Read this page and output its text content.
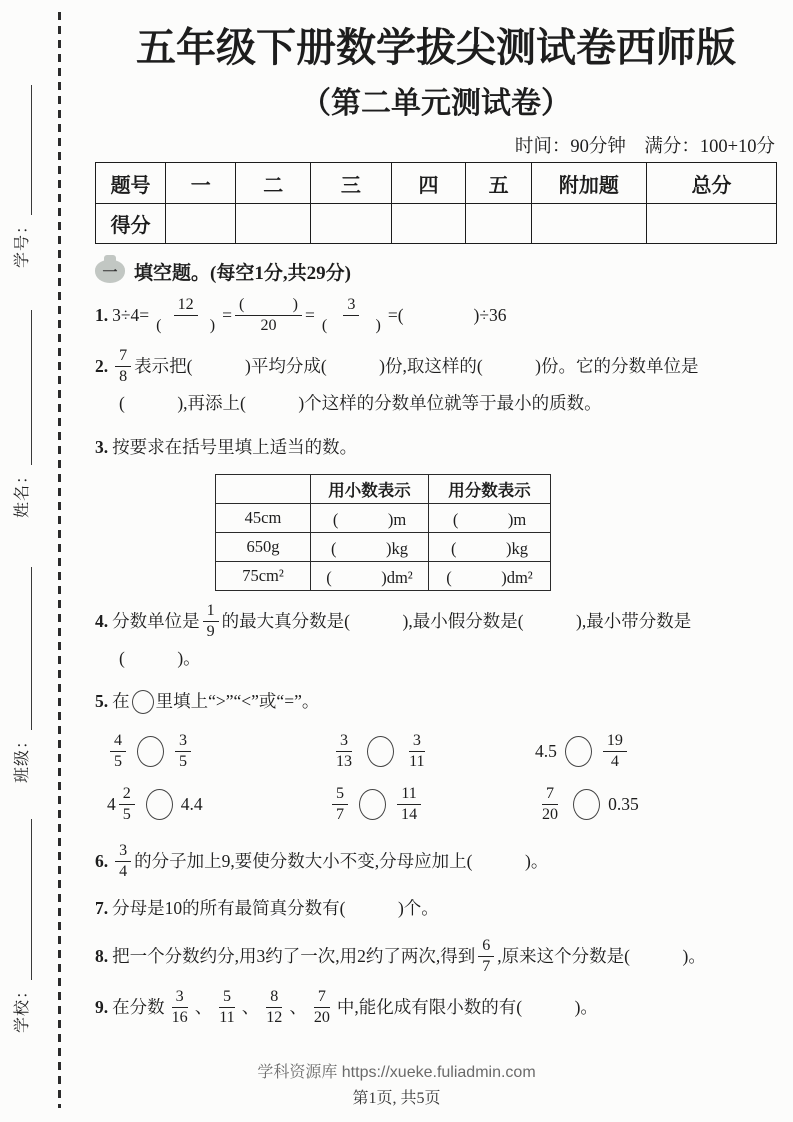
学号：
姓名：
班级：
学校：
五年级下册数学拔尖测试卷西师版
（第二单元测试卷）
时间：90分钟　满分：100+10分
题号	一	二	三	四	五	附加题	总分
得分							
一 填空题。(每空1分,共29分)
1. $3\div 4= \frac{12}{( )} = \frac{( )}{20} = \frac{3}{( )}$ =(　　　　)÷36
2. $\frac{7}{8}$ 表示把(　　　)平均分成(　　　)份,取这样的(　　　)份。它的分数单位是
(　　　),再添上(　　　)个这样的分数单位就等于最小的质数。
3. 按要求在括号里填上适当的数。
	用小数表示	用分数表示
45cm	(　　　)m	(　　　)m
650g	(　　　)kg	(　　　)kg
75cm²	(　　　)dm²	(　　　)dm²
4. 分数单位是 $\frac{1}{9}$ 的最大真分数是(　　　),最小假分数是(　　　),最小带分数是
(　　　)。
5. 在 里填上“>”“<”或“=”。
$\frac{4}{5}$	$\frac{3}{5}$	$\frac{3}{13}$	$\frac{3}{11}$	4.5	$\frac{19}{4}$
$4 \frac{2}{5}$	4.4	$\frac{5}{7}$	$\frac{11}{14}$	$\frac{7}{20}$	0.35
6. $\frac{3}{4}$ 的分子加上9,要使分数大小不变,分母应加上(　　　)。
7. 分母是10的所有最简真分数有(　　　)个。
8. 把一个分数约分,用3约了一次,用2约了两次,得到 $\frac{6}{7}$ ,原来这个分数是(　　　)。
9. 在分数 $\frac{3}{16}$ 、 $\frac{5}{11}$ 、 $\frac{8}{12}$ 、 $\frac{7}{20}$ 中,能化成有限小数的有(　　　)。
学科资源库 https://xueke.fuliadmin.com
第1页, 共5页
